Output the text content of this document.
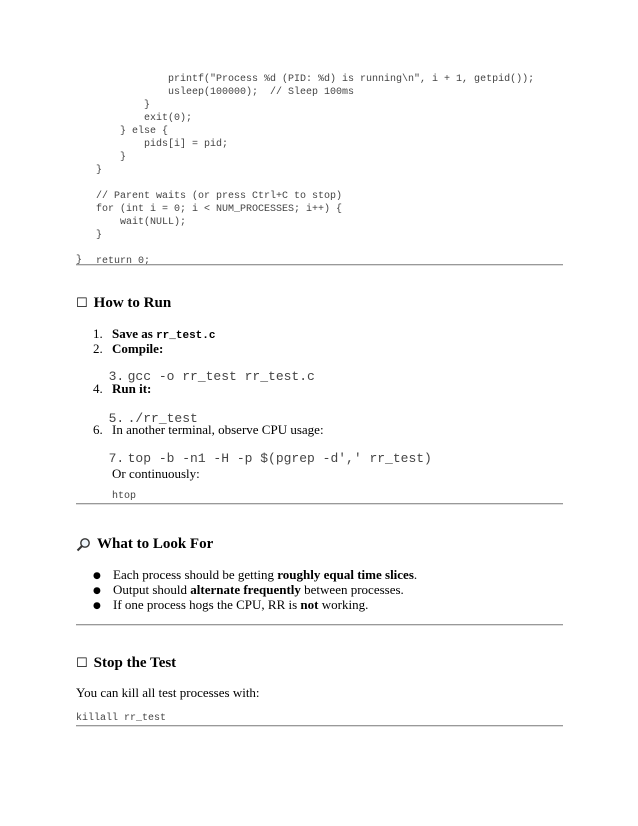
printf("Process %d (PID: %d) is running\n", i + 1, getpid());
usleep(100000);  // Sleep 100ms
}
exit(0);
} else {
pids[i] = pid;
}
}

// Parent waits (or press Ctrl+C to stop)
for (int i = 0; i < NUM_PROCESSES; i++) {
wait(NULL);
}

return 0;
}
☐ How to Run
1. Save as rr_test.c
2. Compile:

3. gcc -o rr_test rr_test.c

4. Run it:

5. ./rr_test

6. In another terminal, observe CPU usage:

7. top -b -n1 -H -p $(pgrep -d',' rr_test)

Or continuously:
htop
What to Look For
● Each process should be getting roughly equal time slices.
● Output should alternate frequently between processes.
● If one process hogs the CPU, RR is not working.
☐ Stop the Test
You can kill all test processes with:
killall rr_test
